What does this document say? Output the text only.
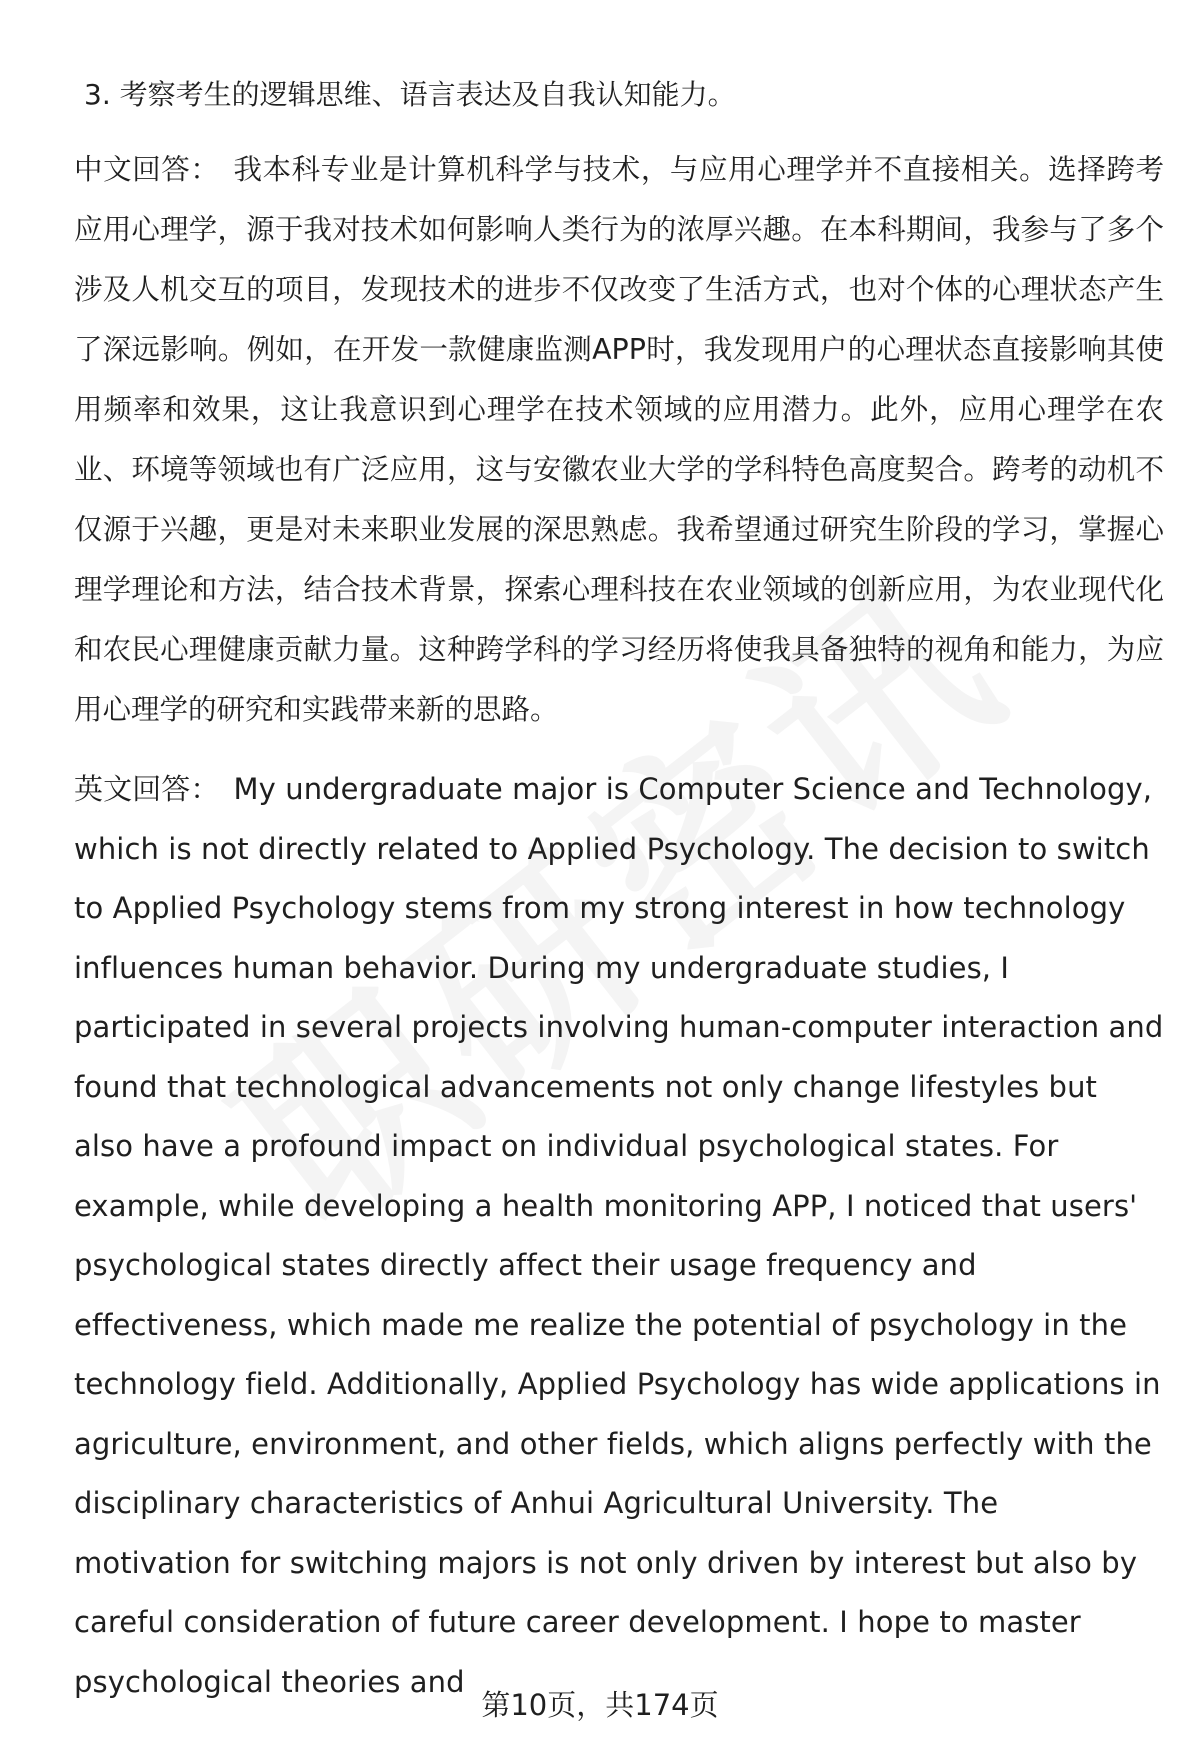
3. 考察考生的逻辑思维、语言表达及自我认知能力。

中文回答： 我本科专业是计算机科学与技术，与应用心理学并不直接相关。选择跨考应用心理学，源于我对技术如何影响人类行为的浓厚兴趣。在本科期间，我参与了多个涉及人机交互的项目，发现技术的进步不仅改变了生活方式，也对个体的心理状态产生了深远影响。例如，在开发一款健康监测APP时，我发现用户的心理状态直接影响其使用频率和效果，这让我意识到心理学在技术领域的应用潜力。此外，应用心理学在农业、环境等领域也有广泛应用，这与安徽农业大学的学科特色高度契合。跨考的动机不仅源于兴趣，更是对未来职业发展的深思熟虑。我希望通过研究生阶段的学习，掌握心理学理论和方法，结合技术背景，探索心理科技在农业领域的创新应用，为农业现代化和农民心理健康贡献力量。这种跨学科的学习经历将使我具备独特的视角和能力，为应用心理学的研究和实践带来新的思路。

英文回答： My undergraduate major is Computer Science and Technology, which is not directly related to Applied Psychology. The decision to switch to Applied Psychology stems from my strong interest in how technology influences human behavior. During my undergraduate studies, I participated in several projects involving human-computer interaction and found that technological advancements not only change lifestyles but also have a profound impact on individual psychological states. For example, while developing a health monitoring APP, I noticed that users' psychological states directly affect their usage frequency and effectiveness, which made me realize the potential of psychology in the technology field. Additionally, Applied Psychology has wide applications in agriculture, environment, and other fields, which aligns perfectly with the disciplinary characteristics of Anhui Agricultural University. The motivation for switching majors is not only driven by interest but also by careful consideration of future career development. I hope to master psychological theories and

第10页，共174页
